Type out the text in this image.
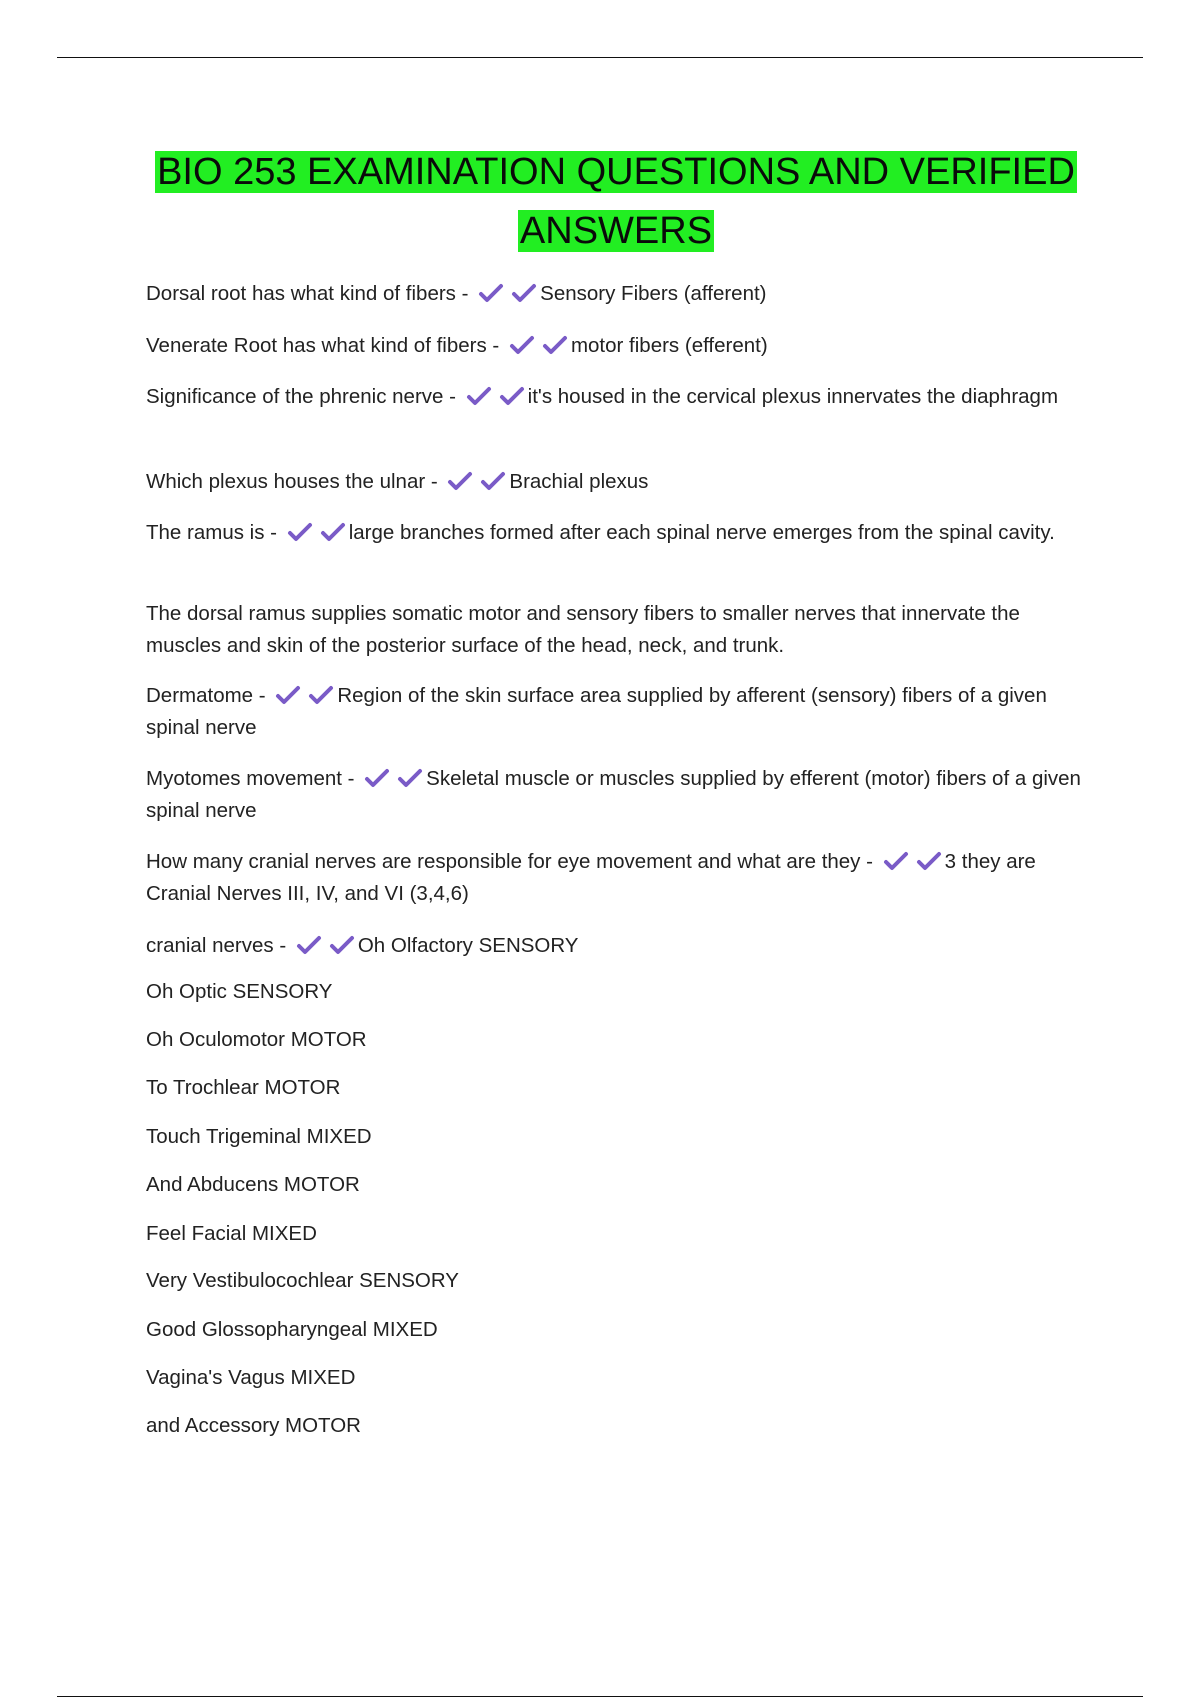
BIO 253 EXAMINATION QUESTIONS AND VERIFIED
ANSWERS

Dorsal root has what kind of fibers -	Sensory Fibers (afferent)

Venerate Root has what kind of fibers -	motor fibers (efferent)

Significance of the phrenic nerve -	it's housed in the cervical plexus innervates the diaphragm

Which plexus houses the ulnar -	Brachial plexus

The ramus is -	large branches formed after each spinal nerve emerges from the spinal cavity.

The dorsal ramus supplies somatic motor and sensory fibers to smaller nerves that innervate the muscles and skin of the posterior surface of the head, neck, and trunk.

Dermatome -	Region of the skin surface area supplied by afferent (sensory) fibers of a given spinal nerve

Myotomes movement -	Skeletal muscle or muscles supplied by efferent (motor) fibers of a given spinal nerve

How many cranial nerves are responsible for eye movement and what are they -	3 they are Cranial Nerves III, IV, and VI (3,4,6)

cranial nerves -	Oh Olfactory SENSORY

Oh Optic SENSORY

Oh Oculomotor MOTOR

To Trochlear MOTOR

Touch Trigeminal MIXED

And Abducens MOTOR

Feel Facial MIXED

Very Vestibulocochlear SENSORY

Good Glossopharyngeal MIXED

Vagina's Vagus MIXED

and Accessory MOTOR
